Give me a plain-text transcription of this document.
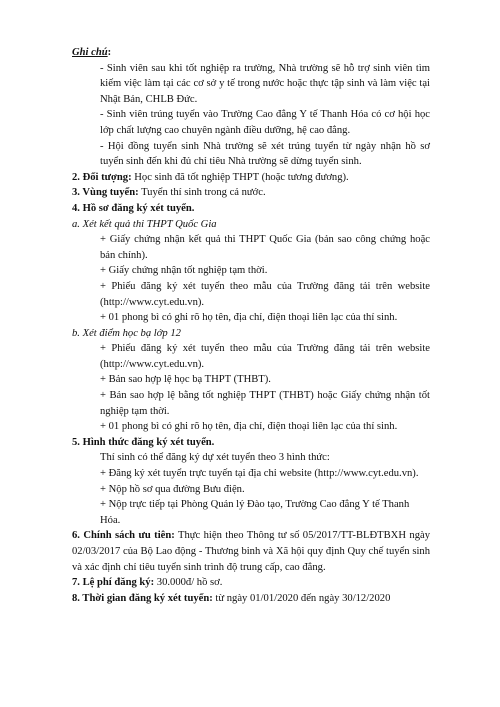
Ghi chú:

- Sinh viên sau khi tốt nghiệp ra trường, Nhà trường sẽ hỗ trợ sinh viên tìm kiếm việc làm tại các cơ sở y tế trong nước hoặc thực tập sinh và làm việc tại Nhật Bản, CHLB Đức.

- Sinh viên trúng tuyển vào Trường Cao đẳng Y tế Thanh Hóa có cơ hội học lớp chất lượng cao chuyên ngành điều dưỡng, hệ cao đẳng.

- Hội đồng tuyển sinh Nhà trường sẽ xét trúng tuyển từ ngày nhận hồ sơ tuyển sinh đến khi đủ chỉ tiêu Nhà trường sẽ dừng tuyển sinh.

2. Đối tượng: Học sinh đã tốt nghiệp THPT (hoặc tương đương).

3. Vùng tuyển: Tuyển thí sinh trong cả nước.

4. Hồ sơ đăng ký xét tuyển.

a. Xét kết quả thi THPT Quốc Gia

+ Giấy chứng nhận kết quả thi THPT Quốc Gia (bản sao công chứng hoặc bản chính).

+ Giấy chứng nhận tốt nghiệp tạm thời.

+ Phiếu đăng ký xét tuyển theo mẫu của Trường đăng tải trên website (http://www.cyt.edu.vn).

+ 01 phong bì có ghi rõ họ tên, địa chỉ, điện thoại liên lạc của thí sinh.

b. Xét điểm học bạ lớp 12

+ Phiếu đăng ký xét tuyển theo mẫu của Trường đăng tải trên website (http://www.cyt.edu.vn).

+ Bản sao hợp lệ học bạ THPT (THBT).

+ Bản sao hợp lệ bằng tốt nghiệp THPT (THBT) hoặc Giấy chứng nhận tốt nghiệp tạm thời.

+ 01 phong bì có ghi rõ họ tên, địa chỉ, điện thoại liên lạc của thí sinh.

5. Hình thức đăng ký xét tuyển.

Thí sinh có thể đăng ký dự xét tuyển theo 3 hình thức:

+ Đăng ký xét tuyển trực tuyến tại địa chỉ website (http://www.cyt.edu.vn).

+ Nộp hồ sơ qua đường Bưu điện.

+ Nộp trực tiếp tại Phòng Quản lý Đào tạo, Trường Cao đẳng Y tế Thanh Hóa.

6. Chính sách ưu tiên: Thực hiện theo Thông tư số 05/2017/TT-BLĐTBXH ngày 02/03/2017 của Bộ Lao động - Thương binh và Xã hội quy định Quy chế tuyển sinh và xác định chỉ tiêu tuyển sinh trình độ trung cấp, cao đẳng.

7. Lệ phí đăng ký: 30.000đ/ hồ sơ.

8. Thời gian đăng ký xét tuyển: từ ngày 01/01/2020 đến ngày 30/12/2020
